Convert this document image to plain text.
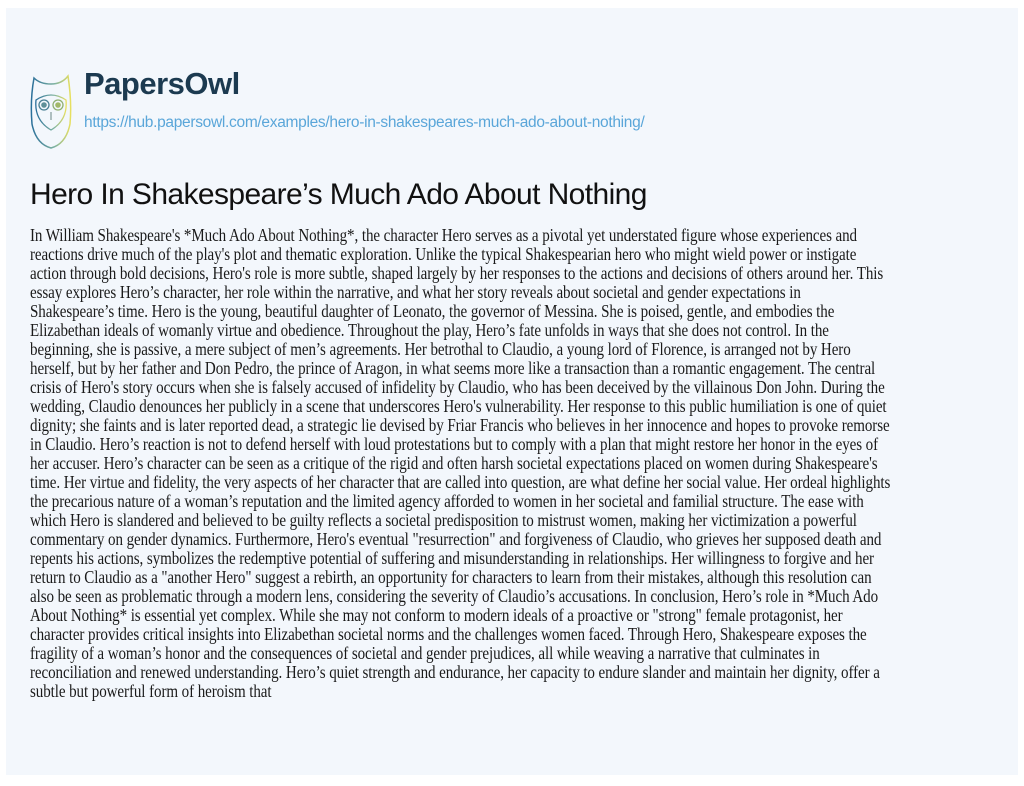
PapersOwl
https://hub.papersowl.com/examples/hero-in-shakespeares-much-ado-about-nothing/
Hero In Shakespeare’s Much Ado About Nothing
In William Shakespeare's *Much Ado About Nothing*, the character Hero serves as a pivotal yet understated figure whose experiences and
reactions drive much of the play's plot and thematic exploration. Unlike the typical Shakespearian hero who might wield power or instigate
action through bold decisions, Hero's role is more subtle, shaped largely by her responses to the actions and decisions of others around her. This
essay explores Hero’s character, her role within the narrative, and what her story reveals about societal and gender expectations in
Shakespeare’s time. Hero is the young, beautiful daughter of Leonato, the governor of Messina. She is poised, gentle, and embodies the
Elizabethan ideals of womanly virtue and obedience. Throughout the play, Hero’s fate unfolds in ways that she does not control. In the
beginning, she is passive, a mere subject of men’s agreements. Her betrothal to Claudio, a young lord of Florence, is arranged not by Hero
herself, but by her father and Don Pedro, the prince of Aragon, in what seems more like a transaction than a romantic engagement. The central
crisis of Hero's story occurs when she is falsely accused of infidelity by Claudio, who has been deceived by the villainous Don John. During the
wedding, Claudio denounces her publicly in a scene that underscores Hero's vulnerability. Her response to this public humiliation is one of quiet
dignity; she faints and is later reported dead, a strategic lie devised by Friar Francis who believes in her innocence and hopes to provoke remorse
in Claudio. Hero’s reaction is not to defend herself with loud protestations but to comply with a plan that might restore her honor in the eyes of
her accuser. Hero’s character can be seen as a critique of the rigid and often harsh societal expectations placed on women during Shakespeare's
time. Her virtue and fidelity, the very aspects of her character that are called into question, are what define her social value. Her ordeal highlights
the precarious nature of a woman’s reputation and the limited agency afforded to women in her societal and familial structure. The ease with
which Hero is slandered and believed to be guilty reflects a societal predisposition to mistrust women, making her victimization a powerful
commentary on gender dynamics. Furthermore, Hero's eventual "resurrection" and forgiveness of Claudio, who grieves her supposed death and
repents his actions, symbolizes the redemptive potential of suffering and misunderstanding in relationships. Her willingness to forgive and her
return to Claudio as a "another Hero" suggest a rebirth, an opportunity for characters to learn from their mistakes, although this resolution can
also be seen as problematic through a modern lens, considering the severity of Claudio’s accusations. In conclusion, Hero’s role in *Much Ado
About Nothing* is essential yet complex. While she may not conform to modern ideals of a proactive or "strong" female protagonist, her
character provides critical insights into Elizabethan societal norms and the challenges women faced. Through Hero, Shakespeare exposes the
fragility of a woman’s honor and the consequences of societal and gender prejudices, all while weaving a narrative that culminates in
reconciliation and renewed understanding. Hero’s quiet strength and endurance, her capacity to endure slander and maintain her dignity, offer a
subtle but powerful form of heroism that
